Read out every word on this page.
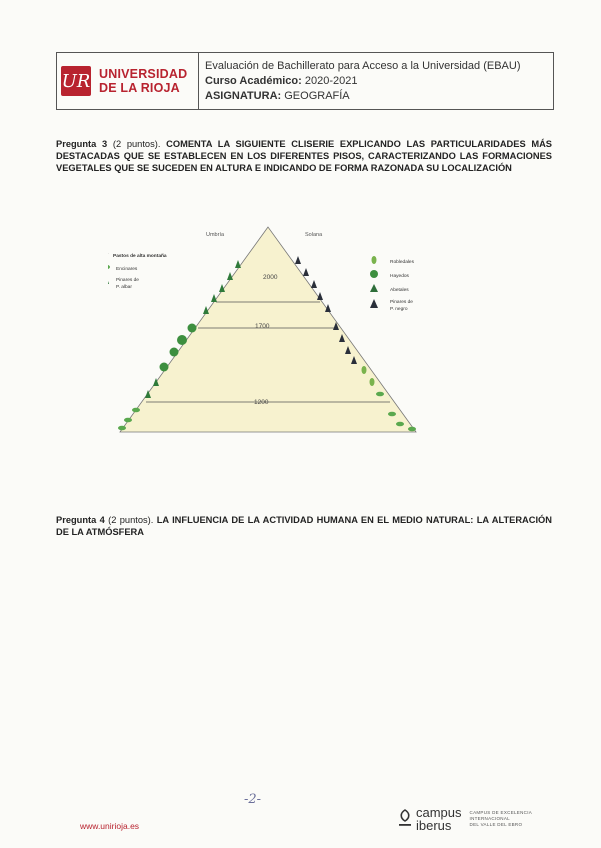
UR UNIVERSIDAD
DE LA RIOJA
Evaluación de Bachillerato para Acceso a la Universidad (EBAU)
Curso Académico: 2020-2021
ASIGNATURA: GEOGRAFÍA
Pregunta 3 (2 puntos). COMENTA LA SIGUIENTE CLISERIE EXPLICANDO LAS PARTICULARIDADES MÁS DESTACADAS QUE SE ESTABLECEN EN LOS DIFERENTES PISOS, CARACTERIZANDO LAS FORMACIONES VEGETALES QUE SE SUCEDEN EN ALTURA E INDICANDO DE FORMA RAZONADA SU LOCALIZACIÓN
2000
1700
1200
Umbría	Solana
Pastos de alta montaña
Encinares
Pinares de
P. albar
Robledales
Hayedos
Abetales
Pinares de
P. negro
Pregunta 4 (2 puntos). LA INFLUENCIA DE LA ACTIVIDAD HUMANA EN EL MEDIO NATURAL: LA ALTERACIÓN DE LA ATMÓSFERA
-2-
www.unirioja.es
campus
iberus
CAMPUS DE EXCELENCIA
INTERNACIONAL
DEL VALLE DEL EBRO
